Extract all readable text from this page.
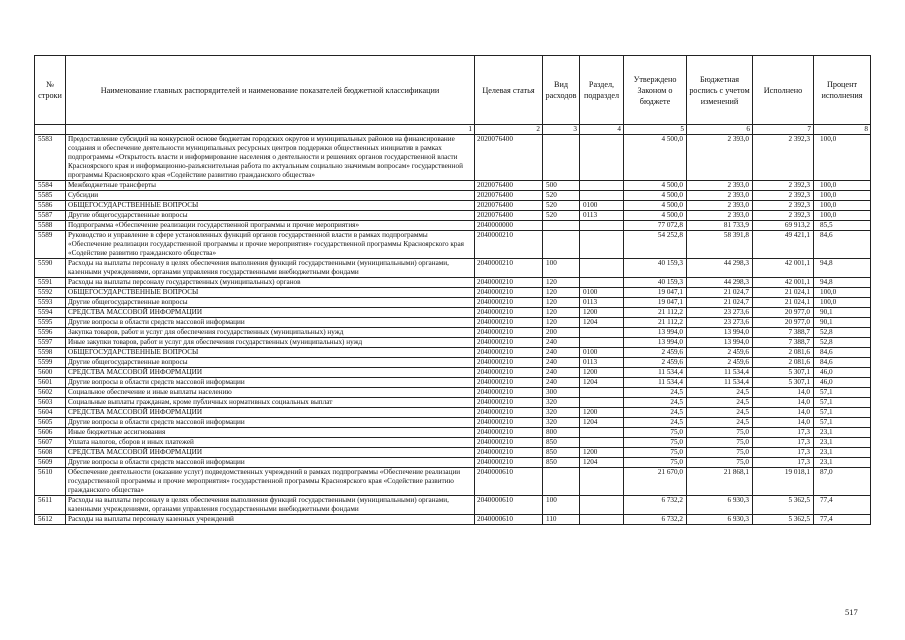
№ строки	Наименование главных распорядителей и наименование показателей бюджетной классификации	Целевая статья	Вид расходов	Раздел, подраздел	Утверждено Законом о бюджете	Бюджетная роспись с учетом изменений	Исполнено	Процент исполнения
	1	2	3	4	5	6	7	8
5583	Предоставление субсидий на конкурсной основе бюджетам городских округов и муниципальных районов на финансирование создания и обеспечение деятельности муниципальных ресурсных центров поддержки общественных инициатив в рамках подпрограммы «Открытость власти и информирование населения о деятельности и решениях органов государственной власти Красноярского края и информационно-разъяснительная работа по актуальным социально значимым вопросам» государственной программы Красноярского края «Содействие развитию гражданского общества»	2020076400			4 500,0	2 393,0	2 392,3	100,0
5584	Межбюджетные трансферты	2020076400	500		4 500,0	2 393,0	2 392,3	100,0
5585	Субсидии	2020076400	520		4 500,0	2 393,0	2 392,3	100,0
5586	ОБЩЕГОСУДАРСТВЕННЫЕ ВОПРОСЫ	2020076400	520	0100	4 500,0	2 393,0	2 392,3	100,0
5587	Другие общегосударственные вопросы	2020076400	520	0113	4 500,0	2 393,0	2 392,3	100,0
5588	Подпрограмма «Обеспечение реализации государственной программы и прочие мероприятия»	2040000000			77 072,8	81 733,9	69 913,2	85,5
5589	Руководство и управление в сфере установленных функций органов государственной власти в рамках подпрограммы «Обеспечение реализации государственной программы и прочие мероприятия» государственной программы Красноярского края «Содействие развитию гражданского общества»	2040000210			54 252,8	58 391,8	49 421,1	84,6
5590	Расходы на выплаты персоналу в целях обеспечения выполнения функций государственными (муниципальными) органами, казенными учреждениями, органами управления государственными внебюджетными фондами	2040000210	100		40 159,3	44 298,3	42 001,1	94,8
5591	Расходы на выплаты персоналу государственных (муниципальных) органов	2040000210	120		40 159,3	44 298,3	42 001,1	94,8
5592	ОБЩЕГОСУДАРСТВЕННЫЕ ВОПРОСЫ	2040000210	120	0100	19 047,1	21 024,7	21 024,1	100,0
5593	Другие общегосударственные вопросы	2040000210	120	0113	19 047,1	21 024,7	21 024,1	100,0
5594	СРЕДСТВА МАССОВОЙ ИНФОРМАЦИИ	2040000210	120	1200	21 112,2	23 273,6	20 977,0	90,1
5595	Другие вопросы в области средств массовой информации	2040000210	120	1204	21 112,2	23 273,6	20 977,0	90,1
5596	Закупка товаров, работ и услуг для обеспечения государственных (муниципальных) нужд	2040000210	200		13 994,0	13 994,0	7 388,7	52,8
5597	Иные закупки товаров, работ и услуг для обеспечения государственных (муниципальных) нужд	2040000210	240		13 994,0	13 994,0	7 388,7	52,8
5598	ОБЩЕГОСУДАРСТВЕННЫЕ ВОПРОСЫ	2040000210	240	0100	2 459,6	2 459,6	2 081,6	84,6
5599	Другие общегосударственные вопросы	2040000210	240	0113	2 459,6	2 459,6	2 081,6	84,6
5600	СРЕДСТВА МАССОВОЙ ИНФОРМАЦИИ	2040000210	240	1200	11 534,4	11 534,4	5 307,1	46,0
5601	Другие вопросы в области средств массовой информации	2040000210	240	1204	11 534,4	11 534,4	5 307,1	46,0
5602	Социальное обеспечение и иные выплаты населению	2040000210	300		24,5	24,5	14,0	57,1
5603	Социальные выплаты гражданам, кроме публичных нормативных социальных выплат	2040000210	320		24,5	24,5	14,0	57,1
5604	СРЕДСТВА МАССОВОЙ ИНФОРМАЦИИ	2040000210	320	1200	24,5	24,5	14,0	57,1
5605	Другие вопросы в области средств массовой информации	2040000210	320	1204	24,5	24,5	14,0	57,1
5606	Иные бюджетные ассигнования	2040000210	800		75,0	75,0	17,3	23,1
5607	Уплата налогов, сборов и иных платежей	2040000210	850		75,0	75,0	17,3	23,1
5608	СРЕДСТВА МАССОВОЙ ИНФОРМАЦИИ	2040000210	850	1200	75,0	75,0	17,3	23,1
5609	Другие вопросы в области средств массовой информации	2040000210	850	1204	75,0	75,0	17,3	23,1
5610	Обеспечение деятельности (оказание услуг) подведомственных учреждений в рамках подпрограммы «Обеспечение реализации государственной программы и прочие мероприятия» государственной программы Красноярского края «Содействие развитию гражданского общества»	2040000610			21 670,0	21 868,1	19 018,1	87,0
5611	Расходы на выплаты персоналу в целях обеспечения выполнения функций государственными (муниципальными) органами, казенными учреждениями, органами управления государственными внебюджетными фондами	2040000610	100		6 732,2	6 930,3	5 362,5	77,4
5612	Расходы на выплаты персоналу казенных учреждений	2040000610	110		6 732,2	6 930,3	5 362,5	77,4
517
